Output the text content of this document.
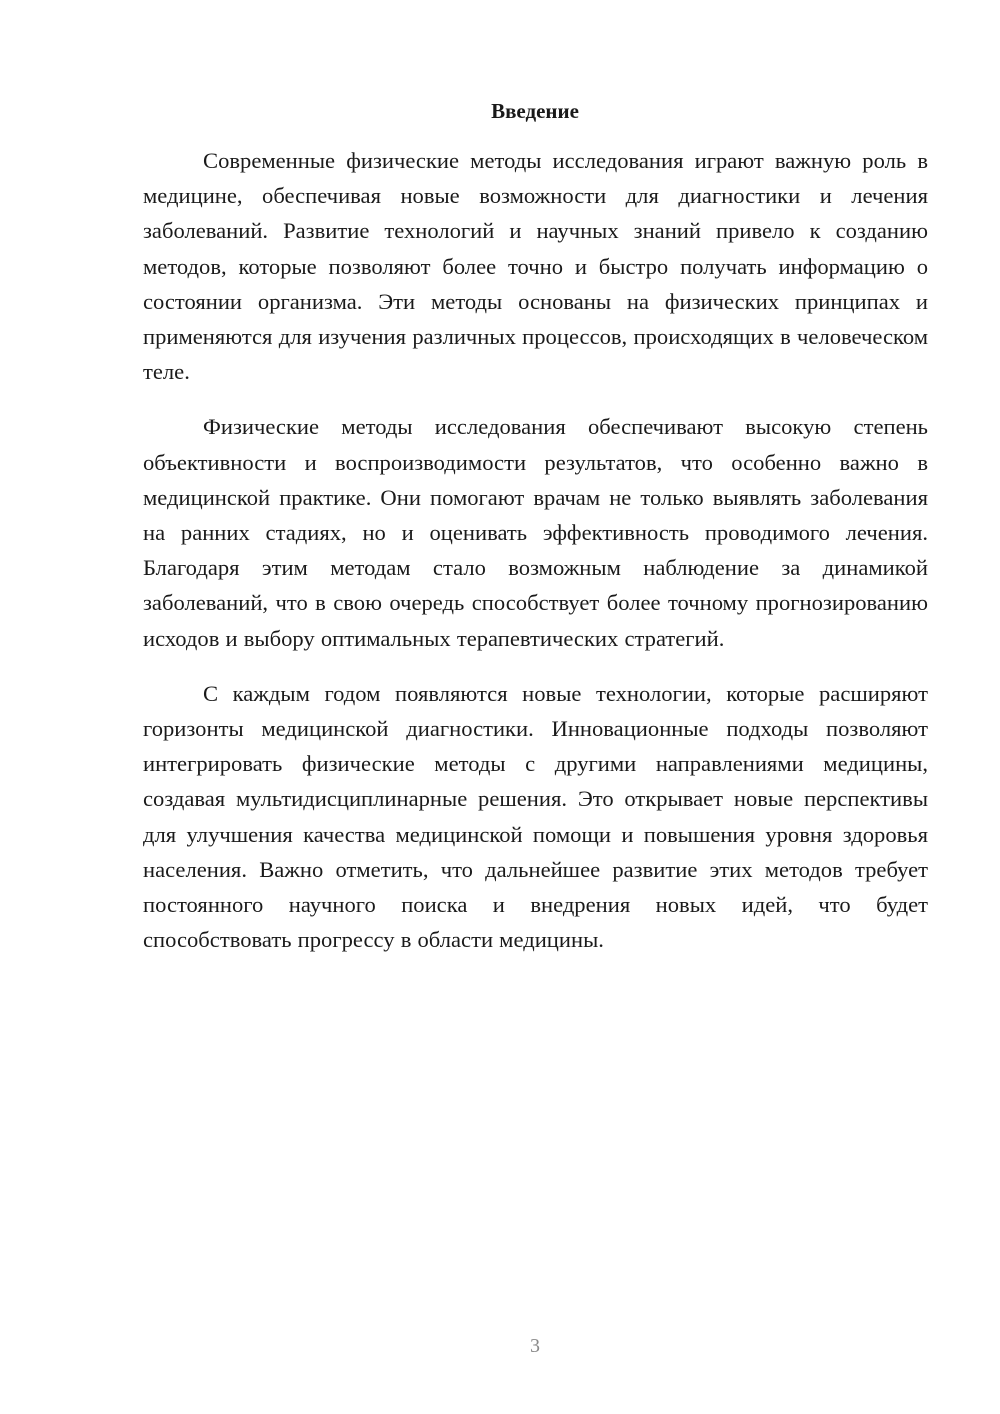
Введение

Современные физические методы исследования играют важную роль в медицине, обеспечивая новые возможности для диагностики и лечения заболеваний. Развитие технологий и научных знаний привело к созданию методов, которые позволяют более точно и быстро получать информацию о состоянии организма. Эти методы основаны на физических принципах и применяются для изучения различных процессов, происходящих в человеческом теле.

Физические методы исследования обеспечивают высокую степень объективности и воспроизводимости результатов, что особенно важно в медицинской практике. Они помогают врачам не только выявлять заболевания на ранних стадиях, но и оценивать эффективность проводимого лечения. Благодаря этим методам стало возможным наблюдение за динамикой заболеваний, что в свою очередь способствует более точному прогнозированию исходов и выбору оптимальных терапевтических стратегий.

С каждым годом появляются новые технологии, которые расширяют горизонты медицинской диагностики. Инновационные подходы позволяют интегрировать физические методы с другими направлениями медицины, создавая мультидисциплинарные решения. Это открывает новые перспективы для улучшения качества медицинской помощи и повышения уровня здоровья населения. Важно отметить, что дальнейшее развитие этих методов требует постоянного научного поиска и внедрения новых идей, что будет способствовать прогрессу в области медицины.

3
